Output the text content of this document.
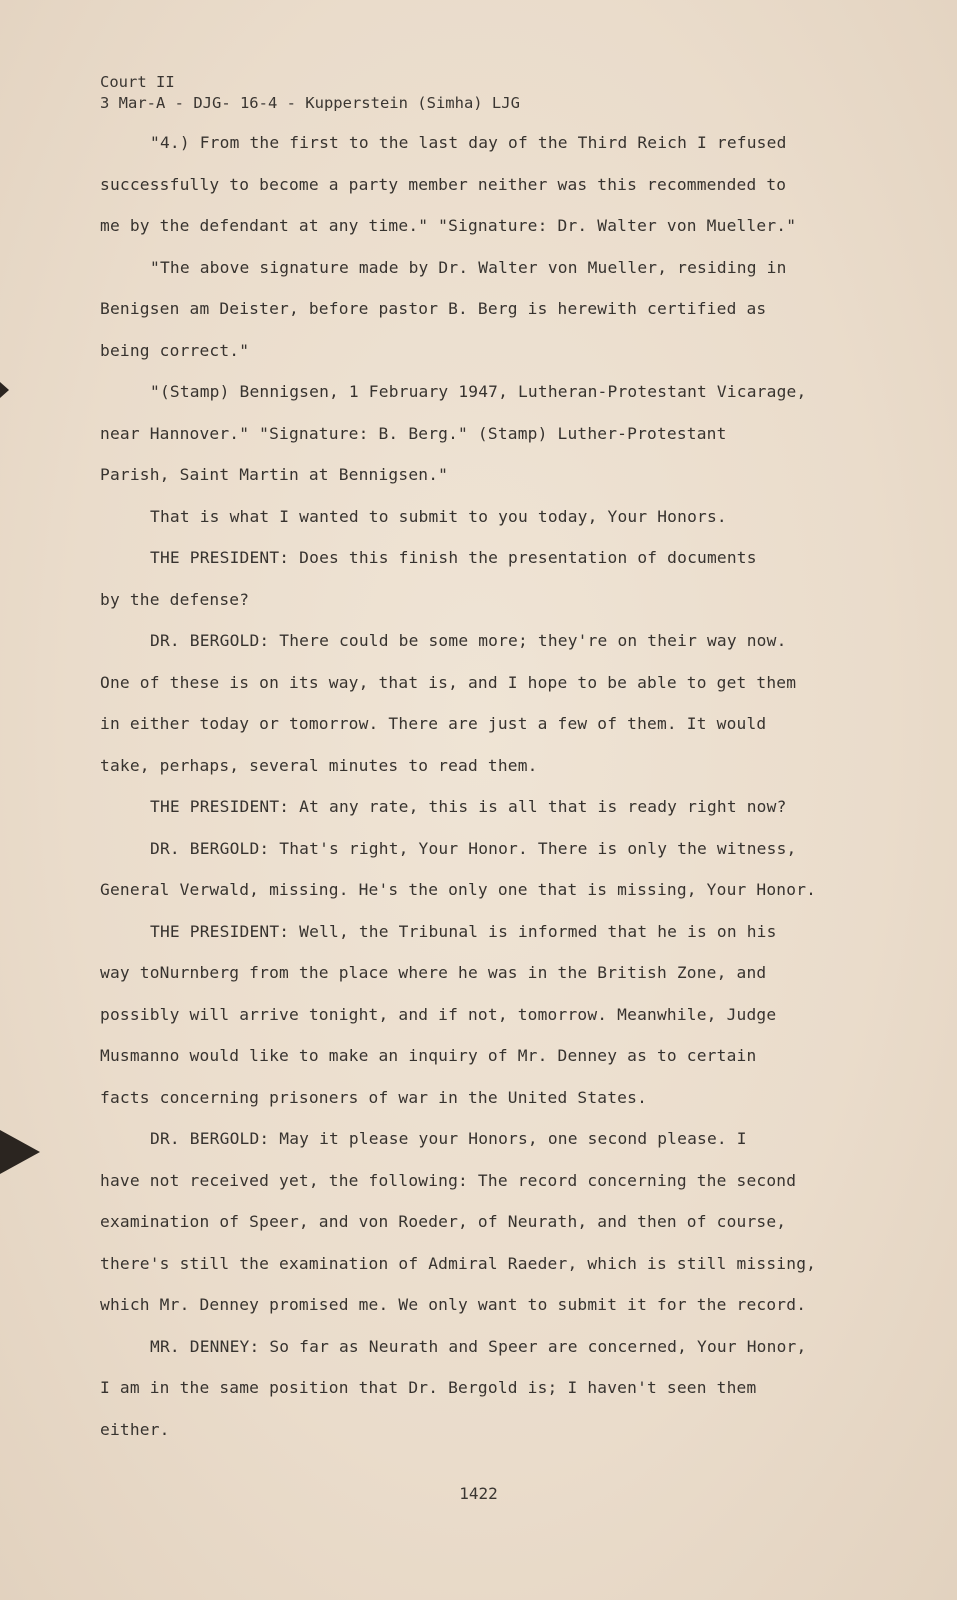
Court II
3 Mar-A - DJG- 16-4 - Kupperstein (Simha) LJG
"4.) From the first to the last day of the Third Reich I refused
successfully to become a party member neither was this recommended to
me by the defendant at any time." "Signature: Dr. Walter von Mueller."
"The above signature made by Dr. Walter von Mueller, residing in
Benigsen am Deister, before pastor B. Berg is herewith certified as
being correct."
"(Stamp) Bennigsen, 1 February 1947, Lutheran-Protestant Vicarage,
near Hannover." "Signature: B. Berg." (Stamp) Luther-Protestant
Parish, Saint Martin at Bennigsen."
That is what I wanted to submit to you today, Your Honors.
THE PRESIDENT: Does this finish the presentation of documents
by the defense?
DR. BERGOLD: There could be some more; they're on their way now.
One of these is on its way, that is, and I hope to be able to get them
in either today or tomorrow. There are just a few of them. It would
take, perhaps, several minutes to read them.
THE PRESIDENT: At any rate, this is all that is ready right now?
DR. BERGOLD: That's right, Your Honor. There is only the witness,
General Verwald, missing. He's the only one that is missing, Your Honor.
THE PRESIDENT: Well, the Tribunal is informed that he is on his
way toNurnberg from the place where he was in the British Zone, and
possibly will arrive tonight, and if not, tomorrow. Meanwhile, Judge
Musmanno would like to make an inquiry of Mr. Denney as to certain
facts concerning prisoners of war in the United States.
DR. BERGOLD: May it please your Honors, one second please. I
have not received yet, the following: The record concerning the second
examination of Speer, and von Roeder, of Neurath, and then of course,
there's still the examination of Admiral Raeder, which is still missing,
which Mr. Denney promised me. We only want to submit it for the record.
MR. DENNEY: So far as Neurath and Speer are concerned, Your Honor,
I am in the same position that Dr. Bergold is; I haven't seen them
either.
1422
